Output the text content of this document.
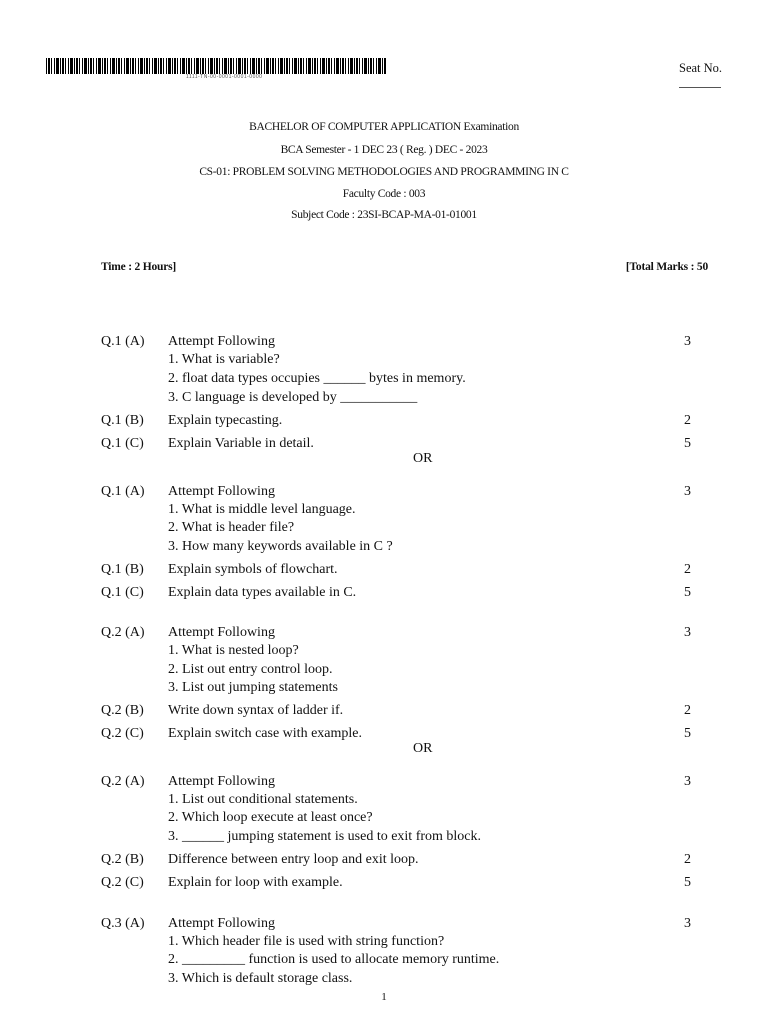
1111-TN-00-0001-0001-0000
Seat No.
BACHELOR OF COMPUTER APPLICATION Examination
BCA Semester - 1 DEC 23 ( Reg. ) DEC - 2023
CS-01: PROBLEM SOLVING METHODOLOGIES AND PROGRAMMING IN C
Faculty Code : 003
Subject Code : 23SI-BCAP-MA-01-01001
Time : 2 Hours]	[Total Marks : 50
Q.1 (A) Attempt Following	3
1. What is variable?
2. float data types occupies ______ bytes in memory.
3. C language is developed by ___________
Q.1 (B) Explain typecasting.	2
Q.1 (C) Explain Variable in detail.	5
OR
Q.1 (A) Attempt Following	3
1. What is middle level language.
2. What is header file?
3. How many keywords available in C ?
Q.1 (B) Explain symbols of flowchart.	2
Q.1 (C) Explain data types available in C.	5
Q.2 (A) Attempt Following	3
1. What is nested loop?
2. List out entry control loop.
3. List out jumping statements
Q.2 (B) Write down syntax of ladder if.	2
Q.2 (C) Explain switch case with example.	5
OR
Q.2 (A) Attempt Following	3
1. List out conditional statements.
2. Which loop execute at least once?
3. ______ jumping statement is used to exit from block.
Q.2 (B) Difference between entry loop and exit loop.	2
Q.2 (C) Explain for loop with example.	5
Q.3 (A) Attempt Following	3
1. Which header file is used with string function?
2. _________ function is used to allocate memory runtime.
3. Which is default storage class.
1
